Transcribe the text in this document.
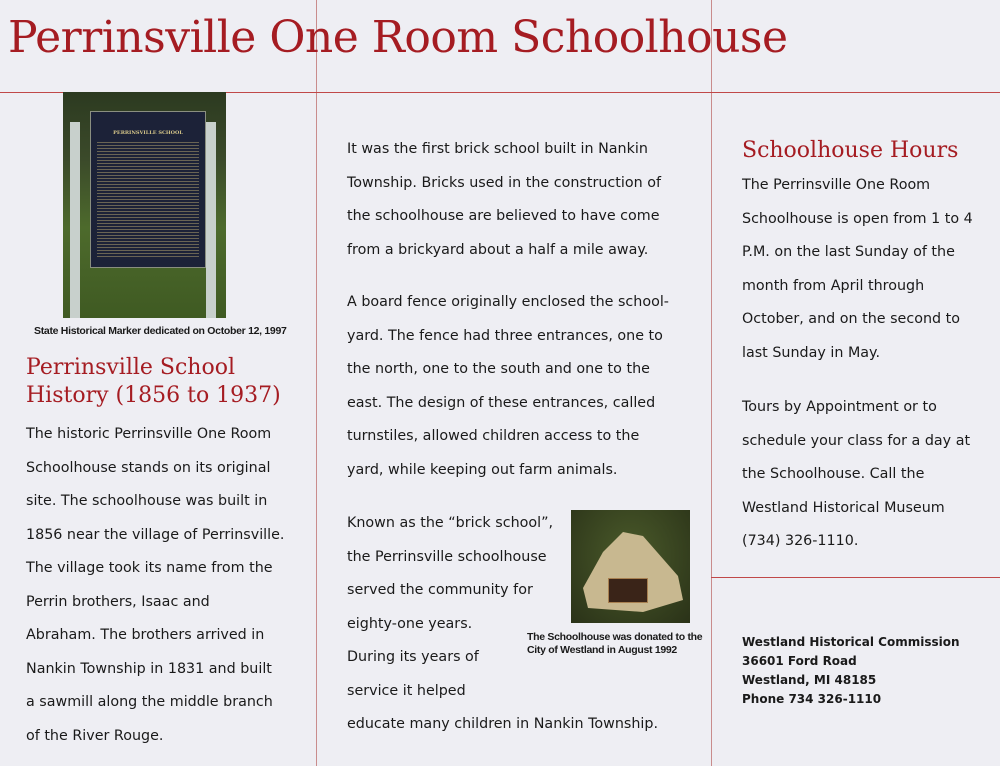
Perrinsville One Room Schoolhouse
PERRINSVILLE SCHOOL
State Historical Marker dedicated on October 12, 1997
Perrinsville School
History (1856 to 1937)
The historic Perrinsville One Room
Schoolhouse stands on its original
site. The schoolhouse was built in
1856 near the village of Perrinsville.
The village took its name from the
Perrin brothers, Isaac and
Abraham. The brothers arrived in
Nankin Township in 1831 and built
a sawmill along the middle branch
of the River Rouge.
It was the first brick school built in Nankin
Township. Bricks used in the construction of
the schoolhouse are believed to have come
from a brickyard about a half a mile away.
A board fence originally enclosed the school-
yard. The fence had three entrances, one to
the north, one to the south and one to the
east. The design of these entrances, called
turnstiles, allowed children access to the
yard, while keeping out farm animals.
Known as the “brick school”,
the Perrinsville schoolhouse
served the community for
eighty-one years.
During its years of
service it helped
educate many children in Nankin Township.
The Schoolhouse was donated to the
City of Westland in August 1992
Schoolhouse Hours
The Perrinsville One Room
Schoolhouse is open from 1 to 4
P.M. on the last Sunday of the
month from April through
October, and on the second to
last Sunday in May.
Tours by Appointment or to
schedule your class for a day at
the Schoolhouse. Call the
Westland Historical Museum
(734) 326-1110.
Westland Historical Commission
36601 Ford Road
Westland, MI 48185
Phone 734 326-1110
